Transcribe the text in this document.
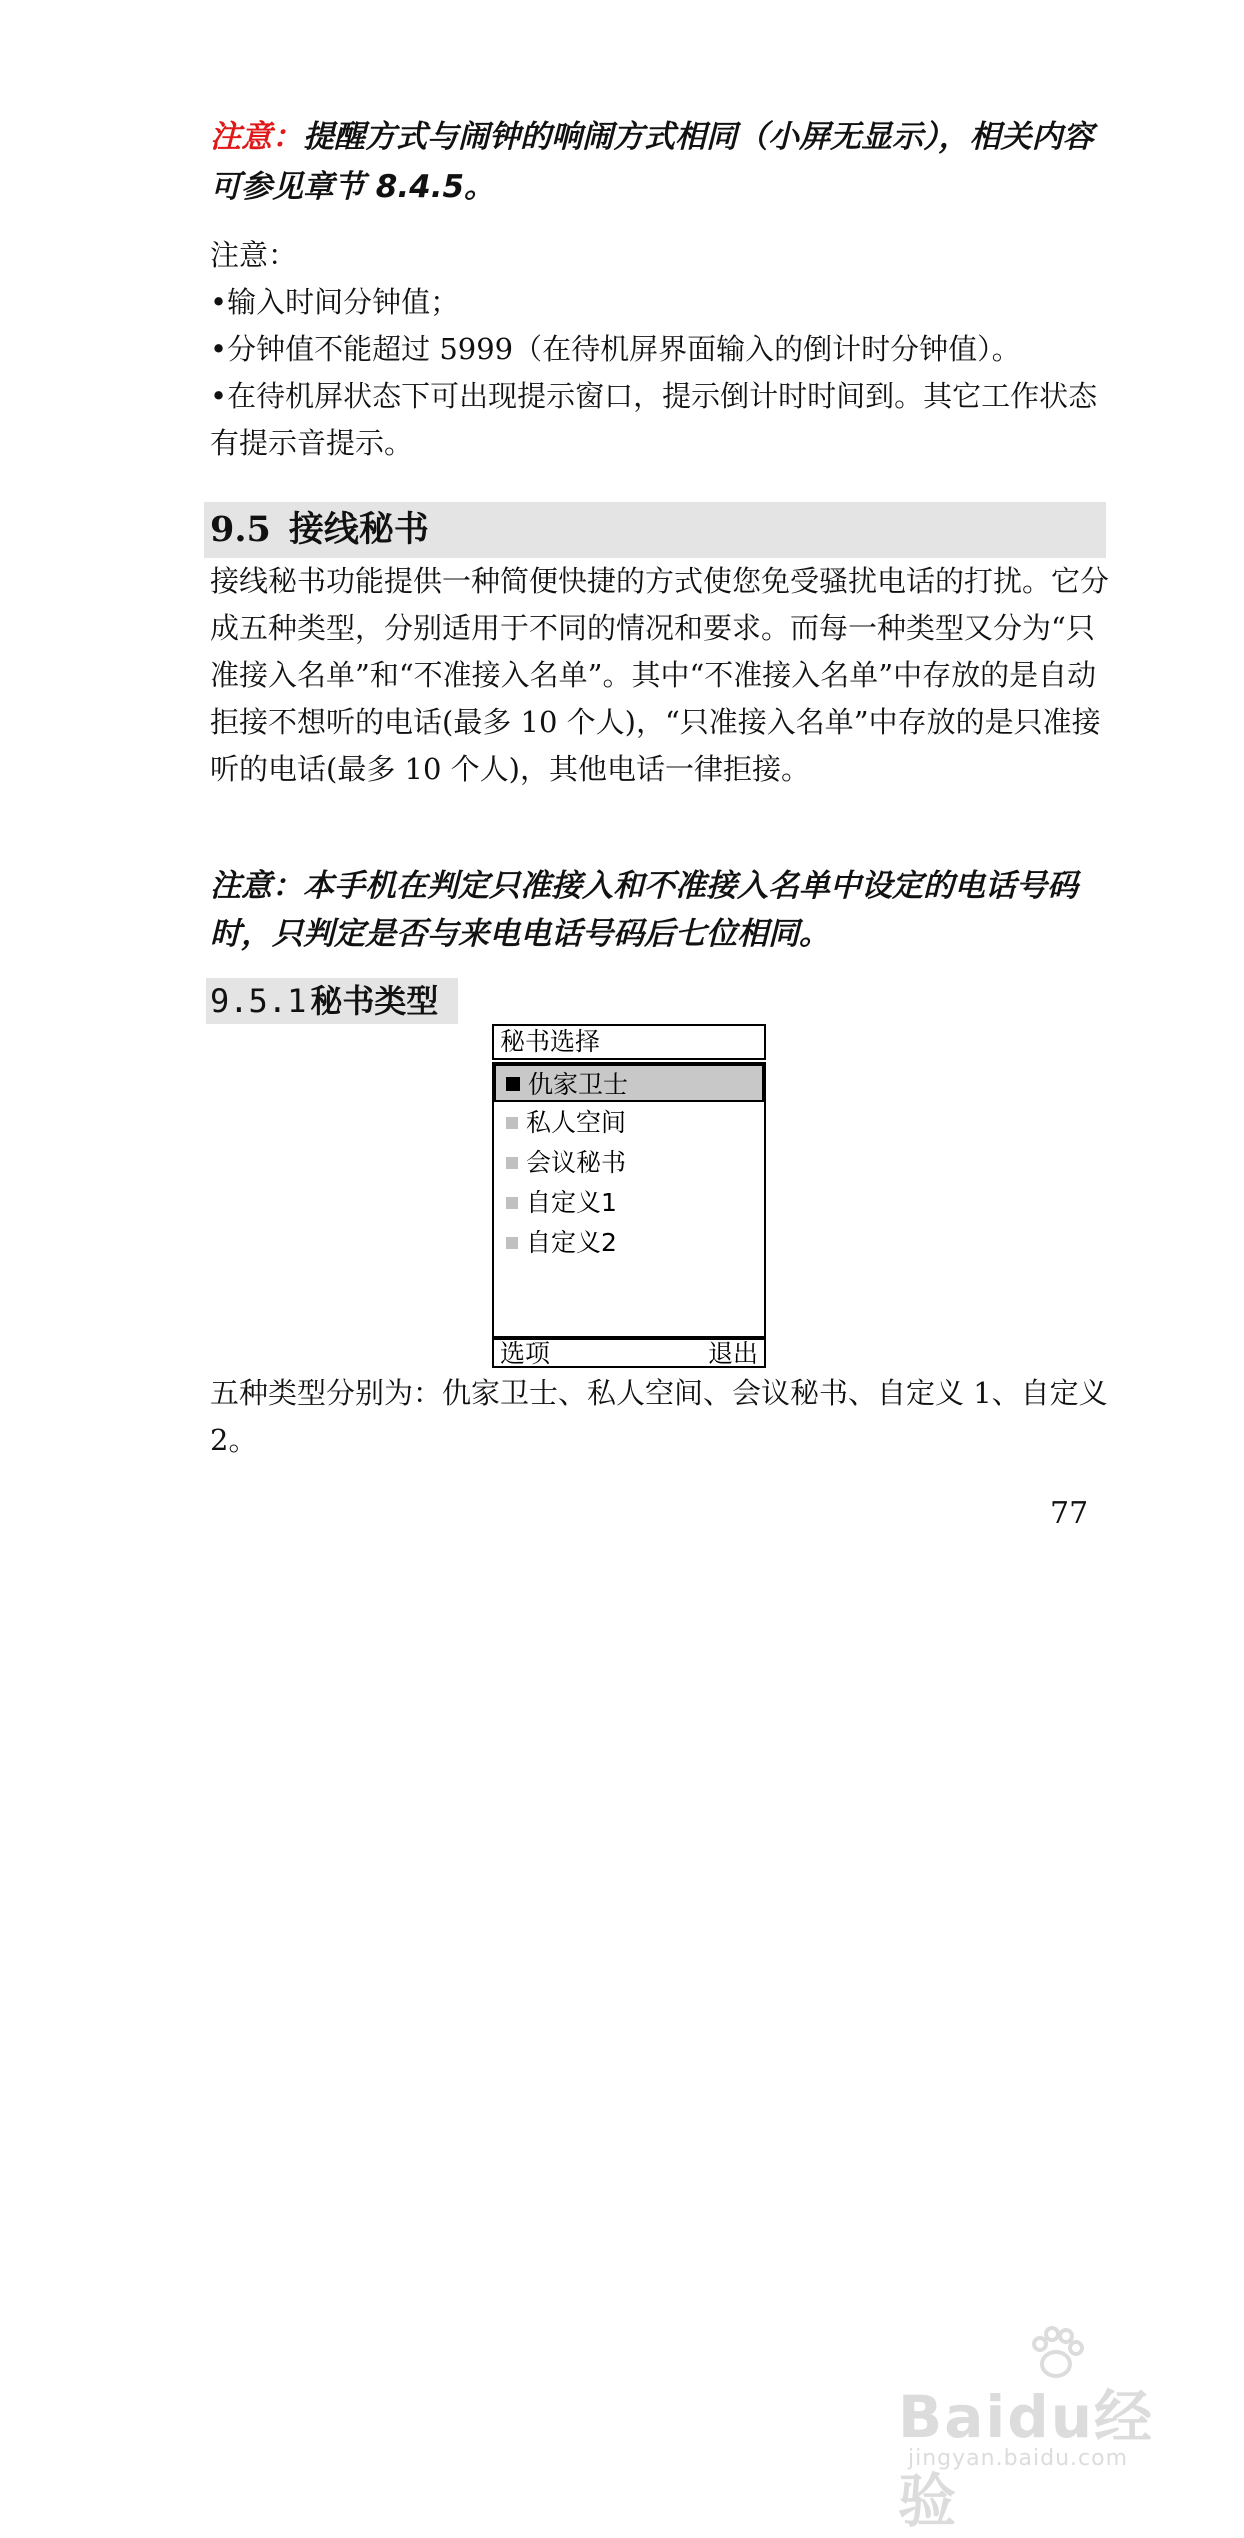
注意：提醒方式与闹钟的响闹方式相同（小屏无显示），相关内容可参见章节 8.4.5。

注意：

•输入时间分钟值；

•分钟值不能超过 5999（在待机屏界面输入的倒计时分钟值）。

•在待机屏状态下可出现提示窗口，提示倒计时时间到。其它工作状态有提示音提示。

9.5 接线秘书

接线秘书功能提供一种简便快捷的方式使您免受骚扰电话的打扰。它分成五种类型，分别适用于不同的情况和要求。而每一种类型又分为“只准接入名单”和“不准接入名单”。其中“不准接入名单”中存放的是自动拒接不想听的电话(最多 10 个人)，“只准接入名单”中存放的是只准接听的电话(最多 10 个人)，其他电话一律拒接。

注意：本手机在判定只准接入和不准接入名单中设定的电话号码时，只判定是否与来电电话号码后七位相同。

9.5.1 秘书类型
秘书选择
仇家卫士
私人空间
会议秘书
自定义1
自定义2
选项	退出

五种类型分别为：仇家卫士、私人空间、会议秘书、自定义 1、自定义 2。

77

Baidu经验
jingyan.baidu.com
